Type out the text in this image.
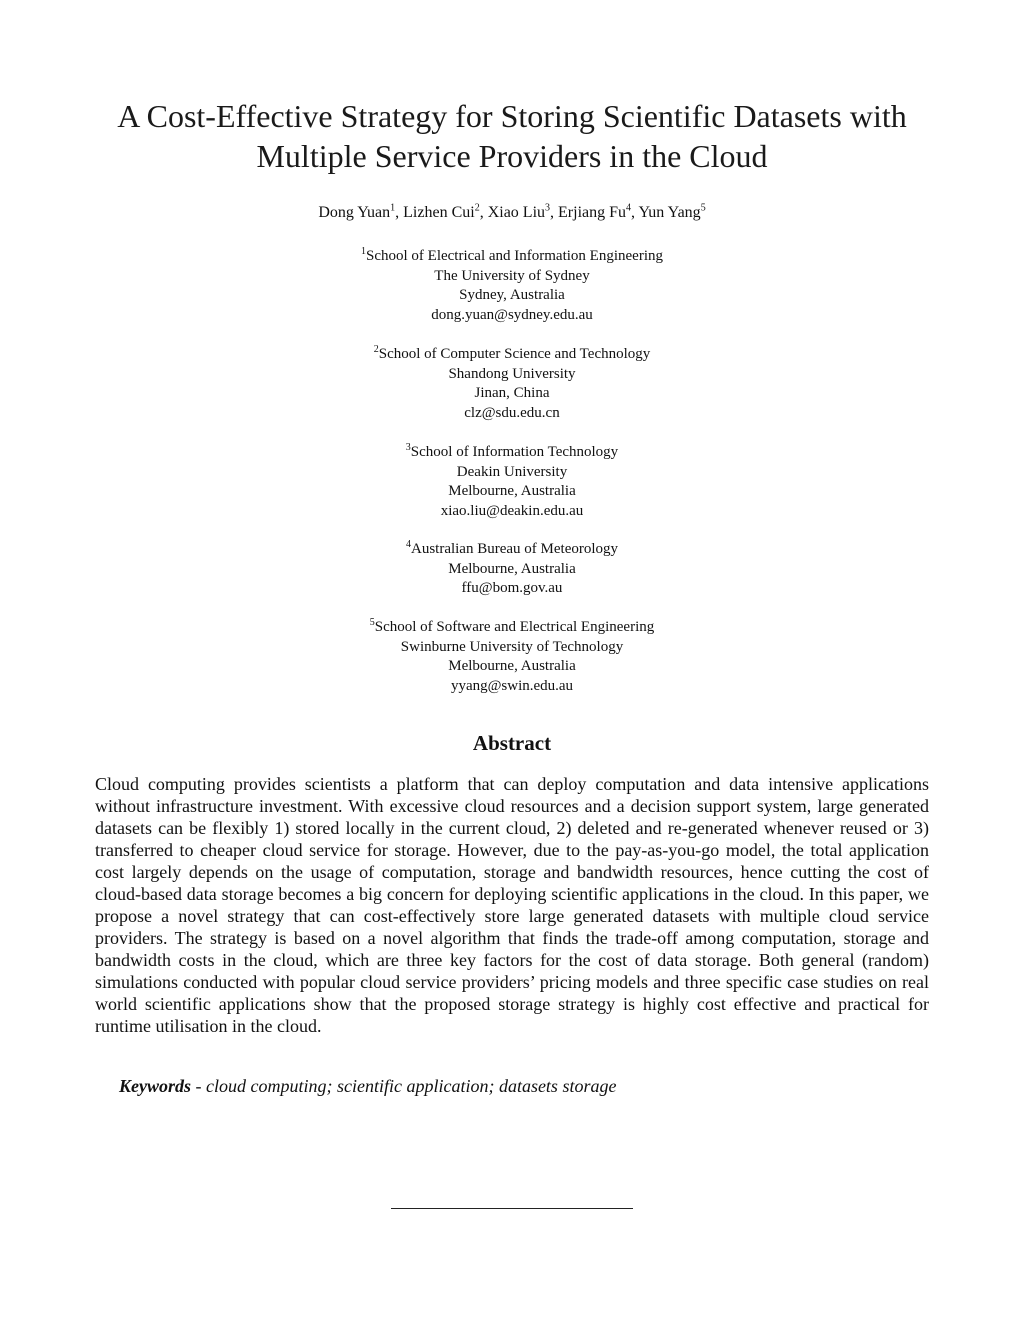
A Cost-Effective Strategy for Storing Scientific Datasets with
Multiple Service Providers in the Cloud
Dong Yuan$^1$, Lizhen Cui$^2$, Xiao Liu$^3$, Erjiang Fu$^4$, Yun Yang$^5$
$^1$School of Electrical and Information Engineering
The University of Sydney
Sydney, Australia
dong.yuan@sydney.edu.au
$^2$School of Computer Science and Technology
Shandong University
Jinan, China
clz@sdu.edu.cn
$^3$School of Information Technology
Deakin University
Melbourne, Australia
xiao.liu@deakin.edu.au
$^4$Australian Bureau of Meteorology
Melbourne, Australia
ffu@bom.gov.au
$^5$School of Software and Electrical Engineering
Swinburne University of Technology
Melbourne, Australia
yyang@swin.edu.au
Abstract
Cloud computing provides scientists a platform that can deploy computation and data intensive applications without infrastructure investment. With excessive cloud resources and a decision support system, large generated datasets can be flexibly 1) stored locally in the current cloud, 2) deleted and re-generated whenever reused or 3) transferred to cheaper cloud service for storage. However, due to the pay-as-you-go model, the total application cost largely depends on the usage of computation, storage and bandwidth resources, hence cutting the cost of cloud-based data storage becomes a big concern for deploying scientific applications in the cloud. In this paper, we propose a novel strategy that can cost-effectively store large generated datasets with multiple cloud service providers. The strategy is based on a novel algorithm that finds the trade-off among computation, storage and bandwidth costs in the cloud, which are three key factors for the cost of data storage. Both general (random) simulations conducted with popular cloud service providers’ pricing models and three specific case studies on real world scientific applications show that the proposed storage strategy is highly cost effective and practical for runtime utilisation in the cloud.
Keywords - cloud computing; scientific application; datasets storage
